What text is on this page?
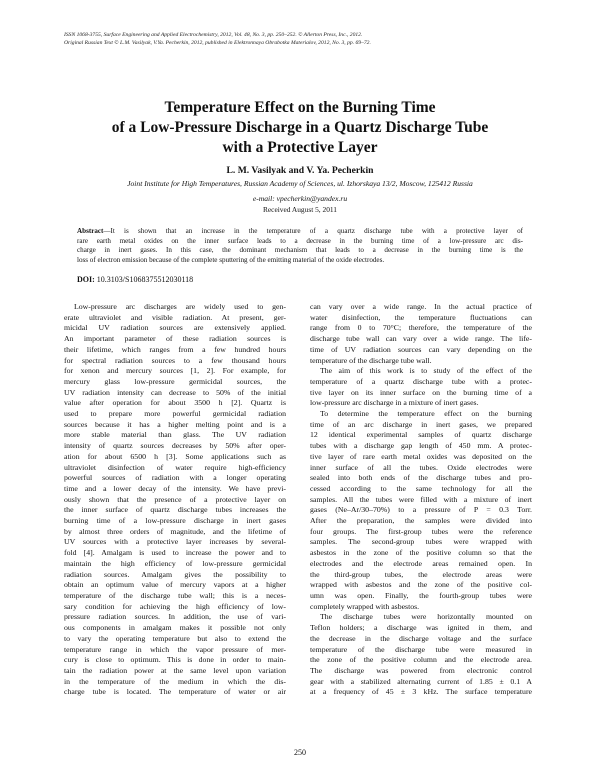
ISSN 1068-3755, Surface Engineering and Applied Electrochemistry, 2012, Vol. 48, No. 3, pp. 250–252. © Allerton Press, Inc., 2012.
Original Russian Text © L.M. Vasilyak, V.Ya. Pecherkin, 2012, published in Elektronnaya Obrabotka Materialov, 2012, No. 3, pp. 69–72.
Temperature Effect on the Burning Time
of a Low-Pressure Discharge in a Quartz Discharge Tube
with a Protective Layer
L. M. Vasilyak and V. Ya. Pecherkin
Joint Institute for High Temperatures, Russian Academy of Sciences, ul. Izhorskaya 13/2, Moscow, 125412 Russia
e-mail: vpecherkin@yandex.ru
Received August 5, 2011
Abstract—It is shown that an increase in the temperature of a quartz discharge tube with a protective layer of
rare earth metal oxides on the inner surface leads to a decrease in the burning time of a low-pressure arc dis-
charge in inert gases. In this case, the dominant mechanism that leads to a decrease in the burning time is the
loss of electron emission because of the complete sputtering of the emitting material of the oxide electrodes.
DOI: 10.3103/S1068375512030118
Low-pressure arc discharges are widely used to gen-
erate ultraviolet and visible radiation. At present, ger-
micidal UV radiation sources are extensively applied.
An important parameter of these radiation sources is
their lifetime, which ranges from a few hundred hours
for spectral radiation sources to a few thousand hours
for xenon and mercury sources [1, 2]. For example, for
mercury glass low-pressure germicidal sources, the
UV radiation intensity can decrease to 50% of the initial
value after operation for about 3500 h [2]. Quartz is
used to prepare more powerful germicidal radiation
sources because it has a higher melting point and is a
more stable material than glass. The UV radiation
intensity of quartz sources decreases by 50% after oper-
ation for about 6500 h [3]. Some applications such as
ultraviolet disinfection of water require high-efficiency
powerful sources of radiation with a longer operating
time and a lower decay of the intensity. We have previ-
ously shown that the presence of a protective layer on
the inner surface of quartz discharge tubes increases the
burning time of a low-pressure discharge in inert gases
by almost three orders of magnitude, and the lifetime of
UV sources with a protective layer increases by several-
fold [4]. Amalgam is used to increase the power and to
maintain the high efficiency of low-pressure germicidal
radiation sources. Amalgam gives the possibility to
obtain an optimum value of mercury vapors at a higher
temperature of the discharge tube wall; this is a neces-
sary condition for achieving the high efficiency of low-
pressure radiation sources. In addition, the use of vari-
ous components in amalgam makes it possible not only
to vary the operating temperature but also to extend the
temperature range in which the vapor pressure of mer-
cury is close to optimum. This is done in order to main-
tain the radiation power at the same level upon variation
in the temperature of the medium in which the dis-
charge tube is located. The temperature of water or air
can vary over a wide range. In the actual practice of
water disinfection, the temperature fluctuations can
range from 0 to 70°C; therefore, the temperature of the
discharge tube wall can vary over a wide range. The life-
time of UV radiation sources can vary depending on the
temperature of the discharge tube wall.
The aim of this work is to study of the effect of the
temperature of a quartz discharge tube with a protec-
tive layer on its inner surface on the burning time of a
low-pressure arc discharge in a mixture of inert gases.
To determine the temperature effect on the burning
time of an arc discharge in inert gases, we prepared
12 identical experimental samples of quartz discharge
tubes with a discharge gap length of 450 mm. A protec-
tive layer of rare earth metal oxides was deposited on the
inner surface of all the tubes. Oxide electrodes were
sealed into both ends of the discharge tubes and pro-
cessed according to the same technology for all the
samples. All the tubes were filled with a mixture of inert
gases (Ne–Ar/30–70%) to a pressure of P = 0.3 Torr.
After the preparation, the samples were divided into
four groups. The first-group tubes were the reference
samples. The second-group tubes were wrapped with
asbestos in the zone of the positive column so that the
electrodes and the electrode areas remained open. In
the third-group tubes, the electrode areas were
wrapped with asbestos and the zone of the positive col-
umn was open. Finally, the fourth-group tubes were
completely wrapped with asbestos.
The discharge tubes were horizontally mounted on
Teflon holders; a discharge was ignited in them, and
the decrease in the discharge voltage and the surface
temperature of the discharge tube were measured in
the zone of the positive column and the electrode area.
The discharge was powered from electronic control
gear with a stabilized alternating current of 1.85 ± 0.1 A
at a frequency of 45 ± 3 kHz. The surface temperature
250
